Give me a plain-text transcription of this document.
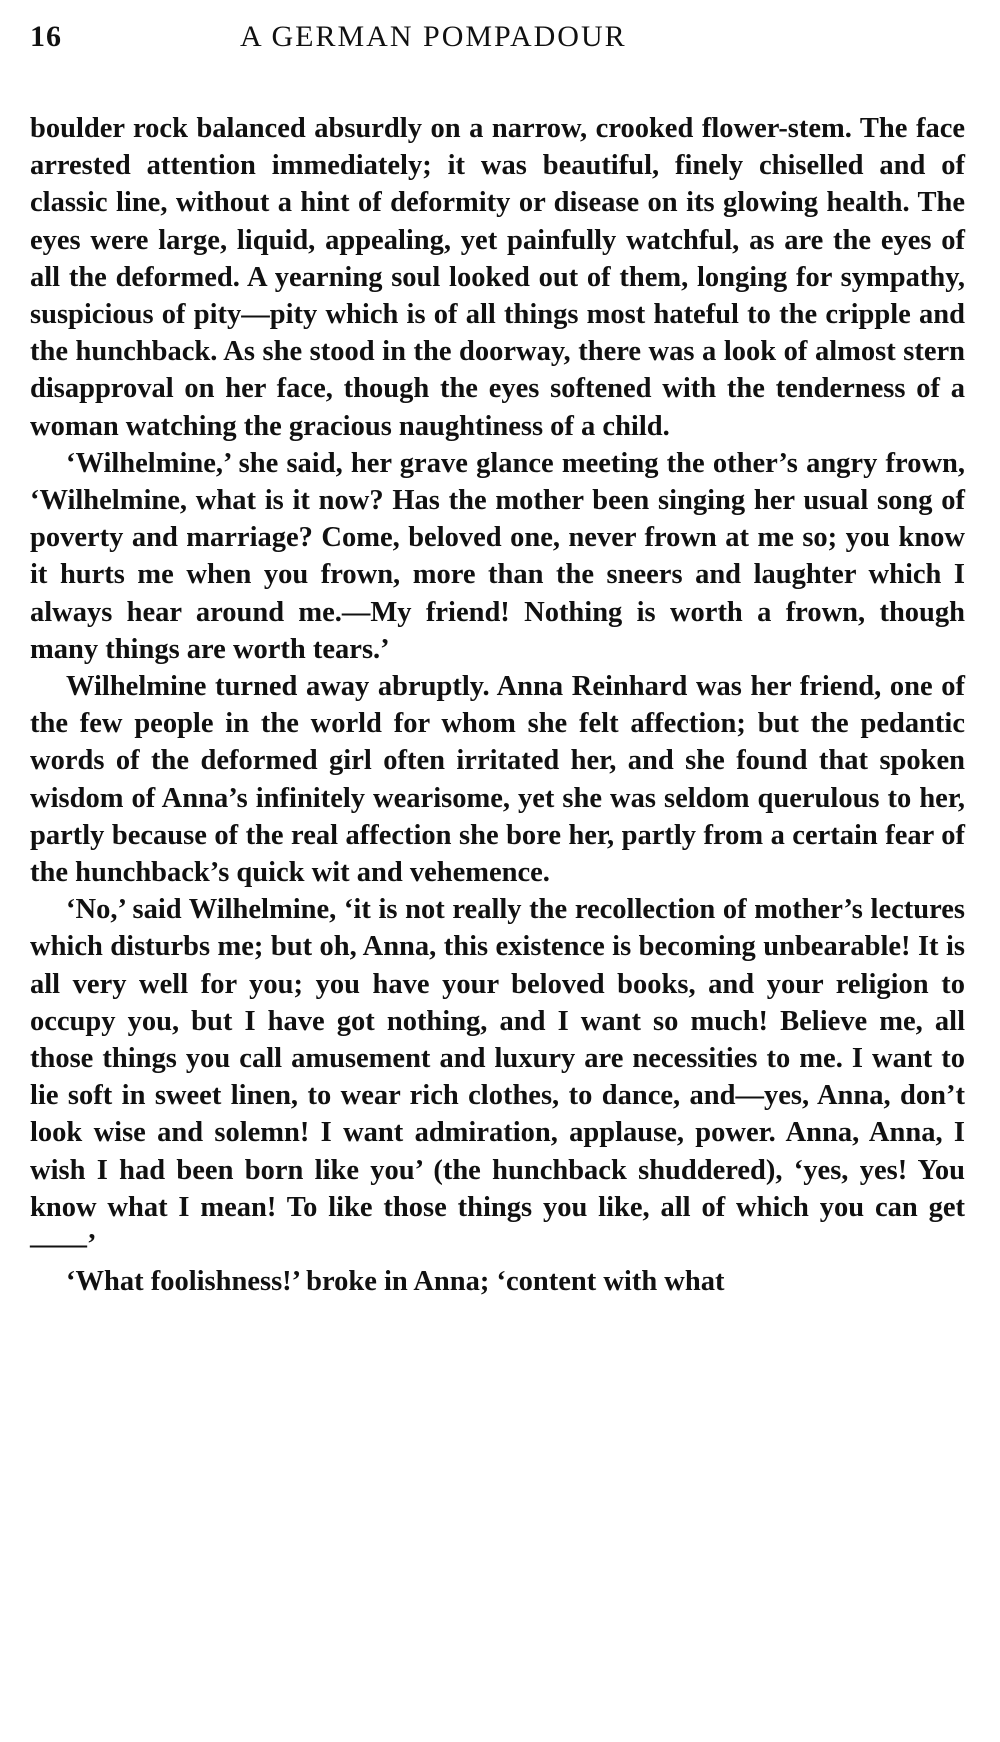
16	A GERMAN POMPADOUR

boulder rock balanced absurdly on a narrow, crooked flower-stem. The face arrested attention immediately; it was beautiful, finely chiselled and of classic line, without a hint of deformity or disease on its glowing health. The eyes were large, liquid, appealing, yet painfully watchful, as are the eyes of all the deformed. A yearning soul looked out of them, longing for sympathy, suspicious of pity—pity which is of all things most hateful to the cripple and the hunchback. As she stood in the doorway, there was a look of almost stern disapproval on her face, though the eyes softened with the tenderness of a woman watching the gracious naughtiness of a child.

‘Wilhelmine,’ she said, her grave glance meeting the other’s angry frown, ‘Wilhelmine, what is it now? Has the mother been singing her usual song of poverty and marriage? Come, beloved one, never frown at me so; you know it hurts me when you frown, more than the sneers and laughter which I always hear around me.—My friend! Nothing is worth a frown, though many things are worth tears.’

Wilhelmine turned away abruptly. Anna Reinhard was her friend, one of the few people in the world for whom she felt affection; but the pedantic words of the deformed girl often irritated her, and she found that spoken wisdom of Anna’s infinitely wearisome, yet she was seldom querulous to her, partly because of the real affection she bore her, partly from a certain fear of the hunchback’s quick wit and vehemence.

‘No,’ said Wilhelmine, ‘it is not really the recollection of mother’s lectures which disturbs me; but oh, Anna, this existence is becoming unbearable! It is all very well for you; you have your beloved books, and your religion to occupy you, but I have got nothing, and I want so much! Believe me, all those things you call amusement and luxury are necessities to me. I want to lie soft in sweet linen, to wear rich clothes, to dance, and—yes, Anna, don’t look wise and solemn! I want admiration, applause, power. Anna, Anna, I wish I had been born like you’ (the hunchback shuddered), ‘yes, yes! You know what I mean! To like those things you like, all of which you can get——’

‘What foolishness!’ broke in Anna; ‘content with what
